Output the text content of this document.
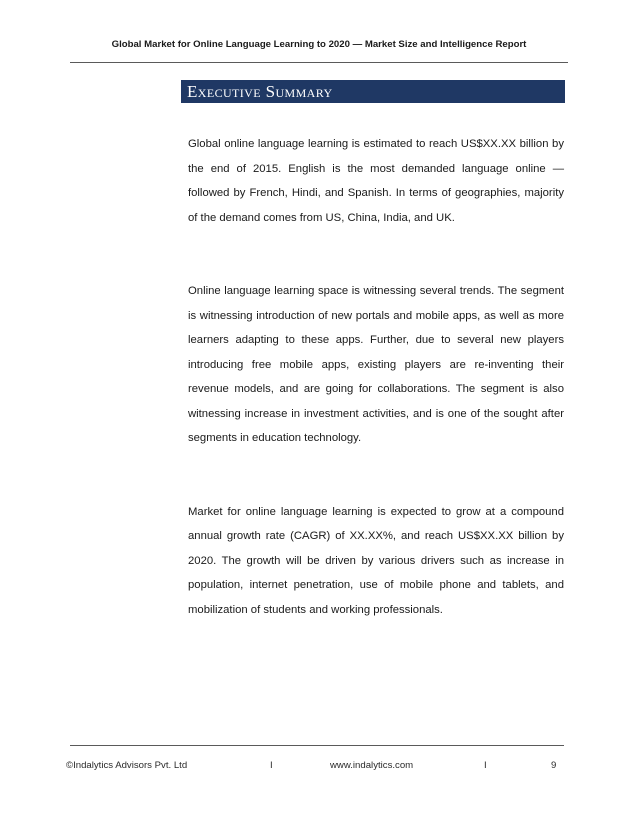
Global Market for Online Language Learning to 2020 — Market Size and Intelligence Report
Executive Summary

Global online language learning is estimated to reach US$XX.XX billion by the end of 2015. English is the most demanded language online — followed by French, Hindi, and Spanish. In terms of geographies, majority of the demand comes from US, China, India, and UK.

Online language learning space is witnessing several trends. The segment is witnessing introduction of new portals and mobile apps, as well as more learners adapting to these apps. Further, due to several new players introducing free mobile apps, existing players are re-inventing their revenue models, and are going for collaborations. The segment is also witnessing increase in investment activities, and is one of the sought after segments in education technology.

Market for online language learning is expected to grow at a compound annual growth rate (CAGR) of XX.XX%, and reach US$XX.XX billion by 2020. The growth will be driven by various drivers such as increase in population, internet penetration, use of mobile phone and tablets, and mobilization of students and working professionals.

©Indalytics Advisors Pvt. Ltd	I	www.indalytics.com	I	9
